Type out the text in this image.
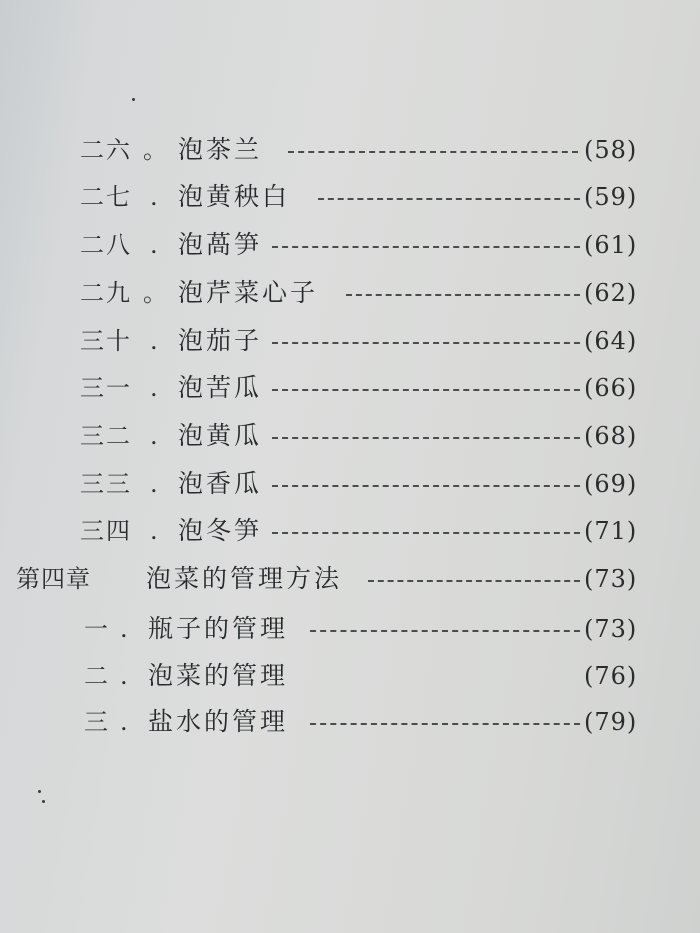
二六 。 泡茶兰	(58)
二七 . 泡黄秧白	(59)
二八 . 泡萵笋	(61)
二九 。 泡芹菜心子	(62)
三十 . 泡茄子	(64)
三一 . 泡苦瓜	(66)
三二 . 泡黄瓜	(68)
三三 . 泡香瓜	(69)
三四 . 泡冬笋	(71)
第四章 泡菜的管理方法	(73)
一 . 瓶子的管理	(73)
二 . 泡菜的管理	(76)
三 . 盐水的管理	(79)
